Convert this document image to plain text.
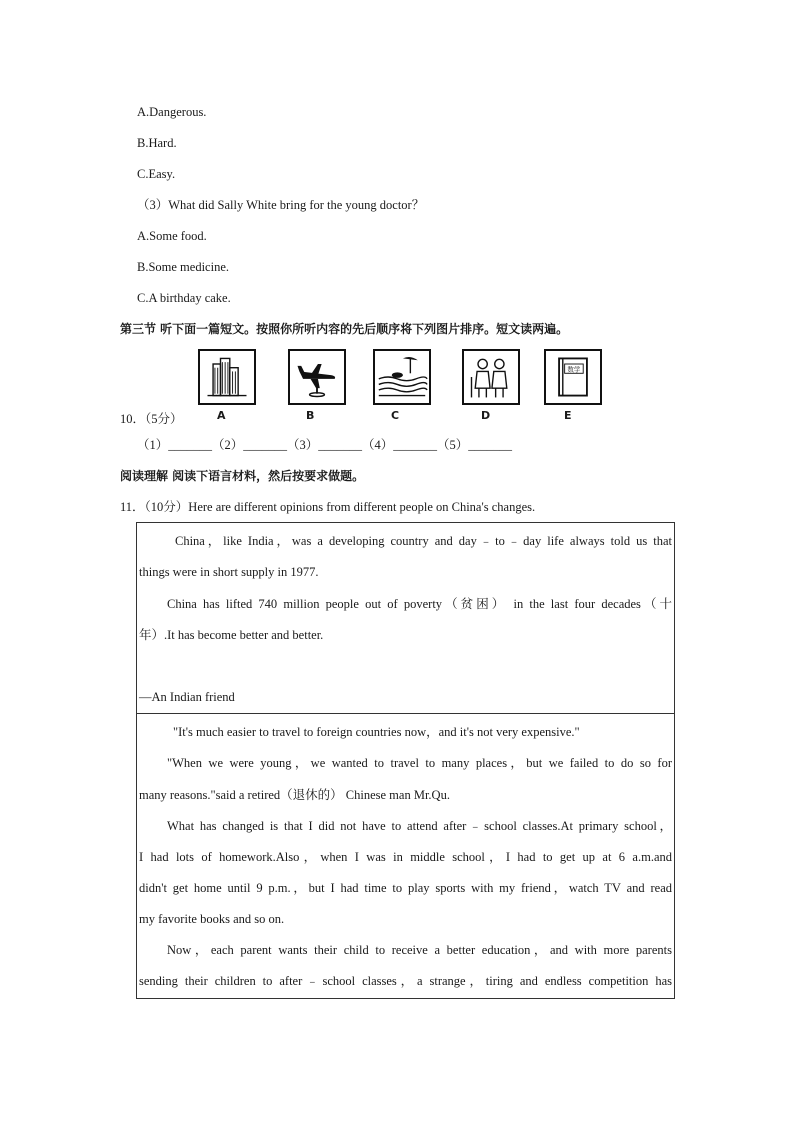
A.Dangerous.
B.Hard.
C.Easy.
（3）What did Sally White bring for the young doctor？
A.Some food.
B.Some medicine.
C.A birthday cake.
第三节 听下面一篇短文。按照你所听内容的先后顺序将下列图片排序。短文读两遍。
数学
A	B	C	D	E
10．（5分）
（1）_______（2）_______（3）_______（4）_______（5）_______
阅读理解 阅读下语言材料，然后按要求做题。
11．（10分）Here are different opinions from different people on China's changes.
China，like India，was a developing country and day﹣to﹣day life always told us that
things were in short supply in 1977.
China has lifted 740 million people out of poverty（贫困） in the last four decades（十
年）.It has become better and better.
—An Indian friend
"It's much easier to travel to foreign countries now，and it's not very expensive."
"When we were young，we wanted to travel to many places，but we failed to do so for
many reasons."said a retired（退休的） Chinese man Mr.Qu.
What has changed is that I did not have to attend after﹣school classes.At primary school，
I had lots of homework.Also，when I was in middle school，I had to get up at 6 a.m.and
didn't get home until 9 p.m.，but I had time to play sports with my friend，watch TV and read
my favorite books and so on.
Now，each parent wants their child to receive a better education，and with more parents
sending their children to after﹣school classes，a strange，tiring and endless competition has
